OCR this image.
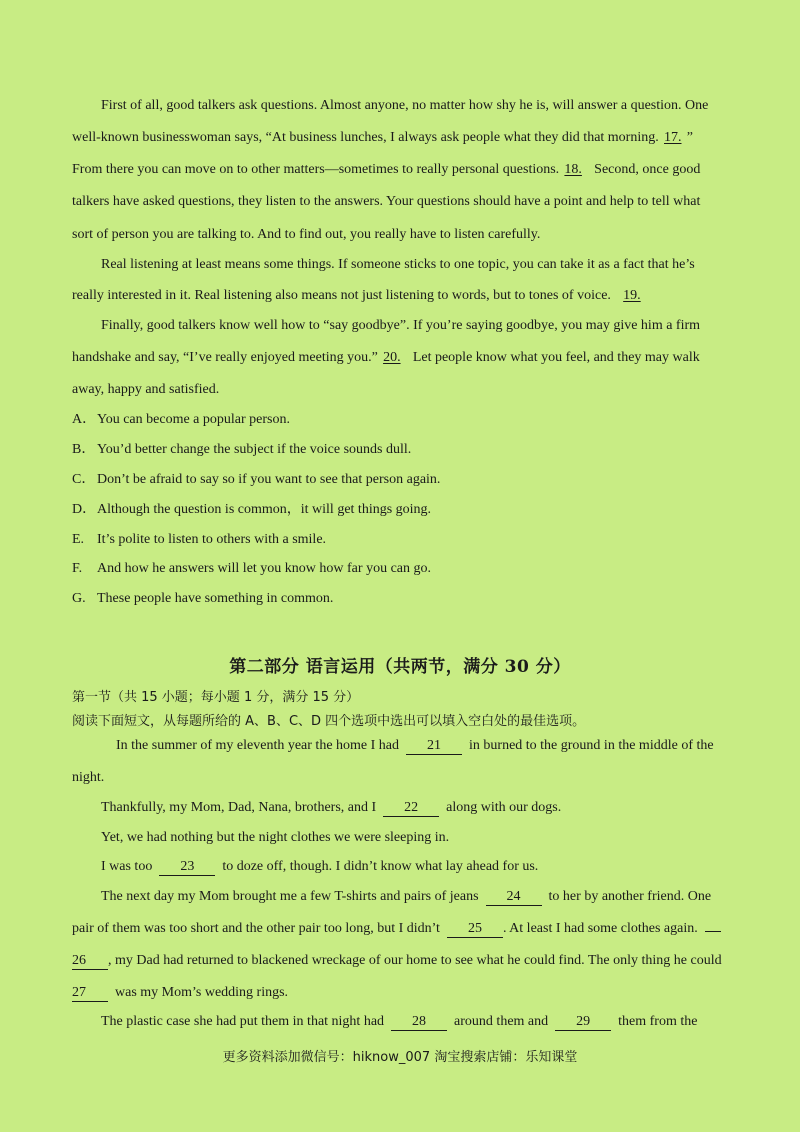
First of all, good talkers ask questions. Almost anyone, no matter how shy he is, will answer a question. One
well-known businesswoman says, “At business lunches, I always ask people what they did that morning. 17. ”
From there you can move on to other matters—sometimes to really personal questions. 18. Second, once good
talkers have asked questions, they listen to the answers. Your questions should have a point and help to tell what
sort of person you are talking to. And to find out, you really have to listen carefully.
Real listening at least means some things. If someone sticks to one topic, you can take it as a fact that he’s
really interested in it. Real listening also means not just listening to words, but to tones of voice. 19.
Finally, good talkers know well how to “say goodbye”. If you’re saying goodbye, you may give him a firm
handshake and say, “I’ve really enjoyed meeting you.” 20. Let people know what you feel, and they may walk
away, happy and satisfied.
A．You can become a popular person.
B． You’d better change the subject if the voice sounds dull.
C． Don’t be afraid to say so if you want to see that person again.
D．Although the question is common，it will get things going.
E. It’s polite to listen to others with a smile.
F. And how he answers will let you know how far you can go.
G. These people have something in common.
第二部分 语言运用（共两节，满分 30 分）
第一节（共 15 小题；每小题 1 分，满分 15 分）
阅读下面短文，从每题所给的 A、B、C、D 四个选项中选出可以填入空白处的最佳选项。
In the summer of my eleventh year the home I had 21 in burned to the ground in the middle of the
night.
Thankfully, my Mom, Dad, Nana, brothers, and I 22 along with our dogs.
Yet, we had nothing but the night clothes we were sleeping in.
I was too 23 to doze off, though. I didn’t know what lay ahead for us.
The next day my Mom brought me a few T-shirts and pairs of jeans 24 to her by another friend. One
pair of them was too short and the other pair too long, but I didn’t 25 . At least I had some clothes again.
26 , my Dad had returned to blackened wreckage of our home to see what he could find. The only thing he could
27 was my Mom’s wedding rings.
The plastic case she had put them in that night had 28 around them and 29 them from the
更多资料添加微信号：hiknow_007 淘宝搜索店铺：乐知课堂
